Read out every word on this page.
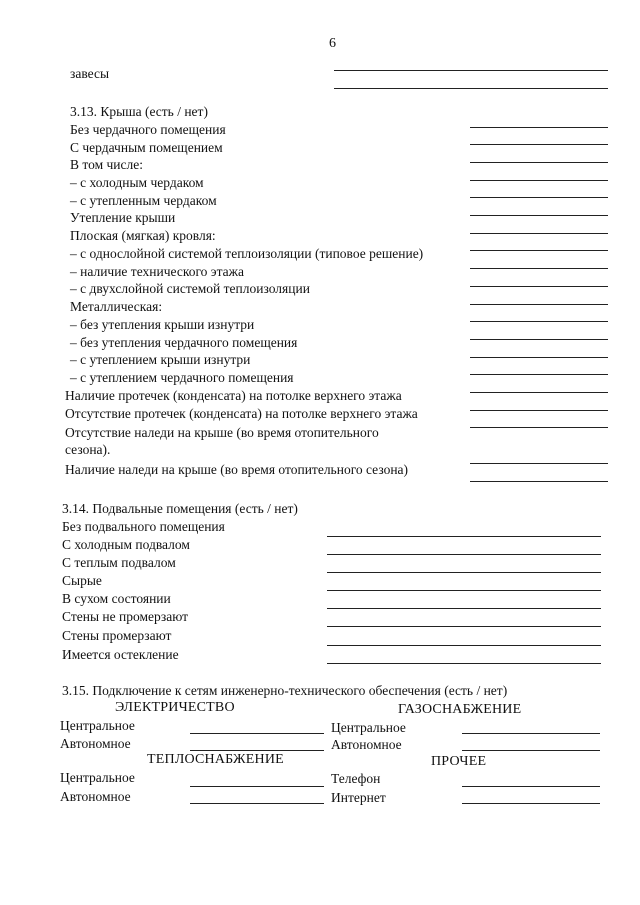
6
завесы
3.13. Крыша (есть / нет)
Без чердачного помещения
С чердачным помещением
В том числе:
– с холодным чердаком
– с утепленным чердаком
Утепление крыши
Плоская (мягкая) кровля:
– с однослойной системой теплоизоляции (типовое решение)
– наличие технического этажа
– с двухслойной системой теплоизоляции
Металлическая:
– без утепления крыши изнутри
– без утепления чердачного помещения
– с утеплением крыши изнутри
– с утеплением чердачного помещения
Наличие протечек (конденсата) на потолке верхнего этажа
Отсутствие протечек (конденсата) на потолке верхнего этажа
Отсутствие наледи на крыше (во время отопительного
сезона).
Наличие наледи на крыше (во время отопительного сезона)
3.14. Подвальные помещения (есть / нет)
Без подвального помещения
С холодным подвалом
С теплым подвалом
Сырые
В сухом состоянии
Стены не промерзают
Стены промерзают
Имеется остекление
3.15. Подключение к сетям инженерно-технического обеспечения (есть / нет)
ЭЛЕКТРИЧЕСТВО	ГАЗОСНАБЖЕНИЕ
Центральное	Центральное
Автономное	Автономное
ТЕПЛОСНАБЖЕНИЕ	ПРОЧЕЕ
Центральное	Телефон
Автономное	Интернет
